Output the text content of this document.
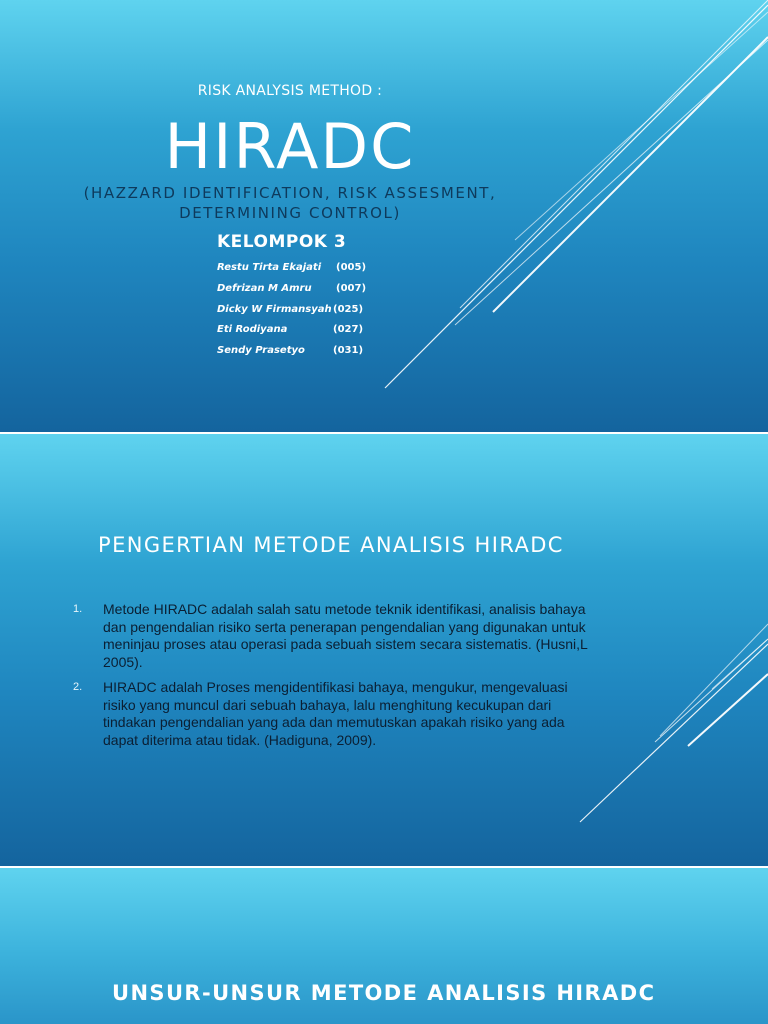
RISK ANALYSIS METHOD :
HIRADC
(HAZZARD IDENTIFICATION, RISK ASSESMENT,
DETERMINING CONTROL)
KELOMPOK 3
Restu Tirta Ekajati (005)
Defrizan M Amru (007)
Dicky W Firmansyah (025)
Eti Rodiyana	(027)
Sendy Prasetyo	(031)
PENGERTIAN METODE ANALISIS HIRADC
1. Metode HIRADC adalah salah satu metode teknik identifikasi, analisis bahaya dan pengendalian risiko serta penerapan pengendalian yang digunakan untuk meninjau proses atau operasi pada sebuah sistem secara sistematis. (Husni,L 2005).
2. HIRADC adalah Proses mengidentifikasi bahaya, mengukur, mengevaluasi risiko yang muncul dari sebuah bahaya, lalu menghitung kecukupan dari tindakan pengendalian yang ada dan memutuskan apakah risiko yang ada dapat diterima atau tidak. (Hadiguna, 2009).
UNSUR-UNSUR METODE ANALISIS HIRADC
